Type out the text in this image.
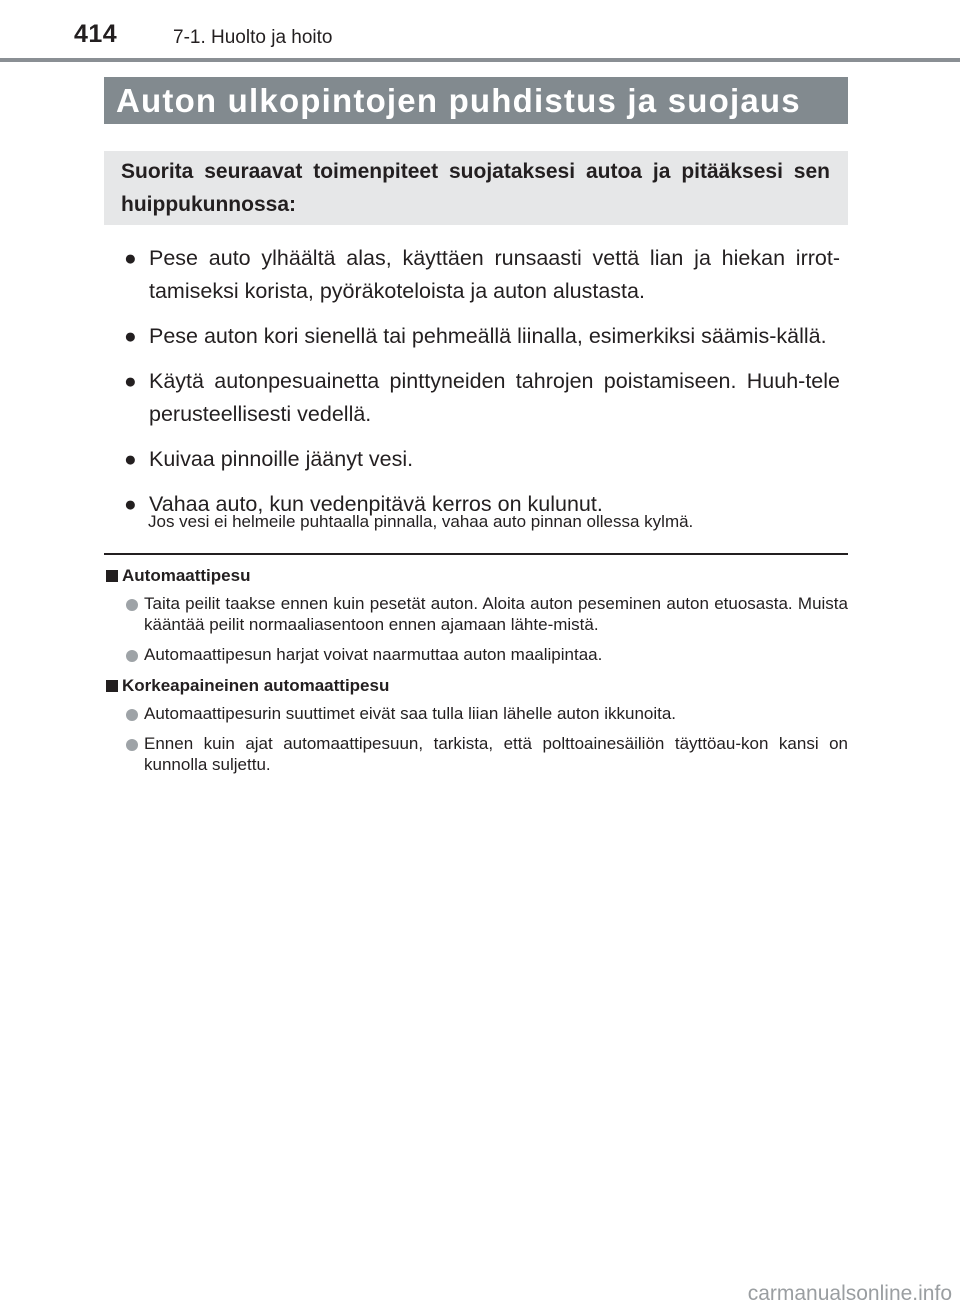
414	7-1. Huolto ja hoito
Auton ulkopintojen puhdistus ja suojaus

Suorita seuraavat toimenpiteet suojataksesi autoa ja pitääksesi sen huippukunnossa:

● Pese auto ylhäältä alas, käyttäen runsaasti vettä lian ja hiekan irrot-tamiseksi korista, pyöräkoteloista ja auton alustasta.
● Pese auton kori sienellä tai pehmeällä liinalla, esimerkiksi säämis-källä.
● Käytä autonpesuainetta pinttyneiden tahrojen poistamiseen. Huuh-tele perusteellisesti vedellä.
● Kuivaa pinnoille jäänyt vesi.
● Vahaa auto, kun vedenpitävä kerros on kulunut.
Jos vesi ei helmeile puhtaalla pinnalla, vahaa auto pinnan ollessa kylmä.
Automaattipesu
Taita peilit taakse ennen kuin pesetät auton. Aloita auton peseminen auton etuosasta. Muista kääntää peilit normaaliasentoon ennen ajamaan lähte-mistä.
Automaattipesun harjat voivat naarmuttaa auton maalipintaa.
Korkeapaineinen automaattipesu
Automaattipesurin suuttimet eivät saa tulla liian lähelle auton ikkunoita.
Ennen kuin ajat automaattipesuun, tarkista, että polttoainesäiliön täyttöau-kon kansi on kunnolla suljettu.
carmanualsonline.info
